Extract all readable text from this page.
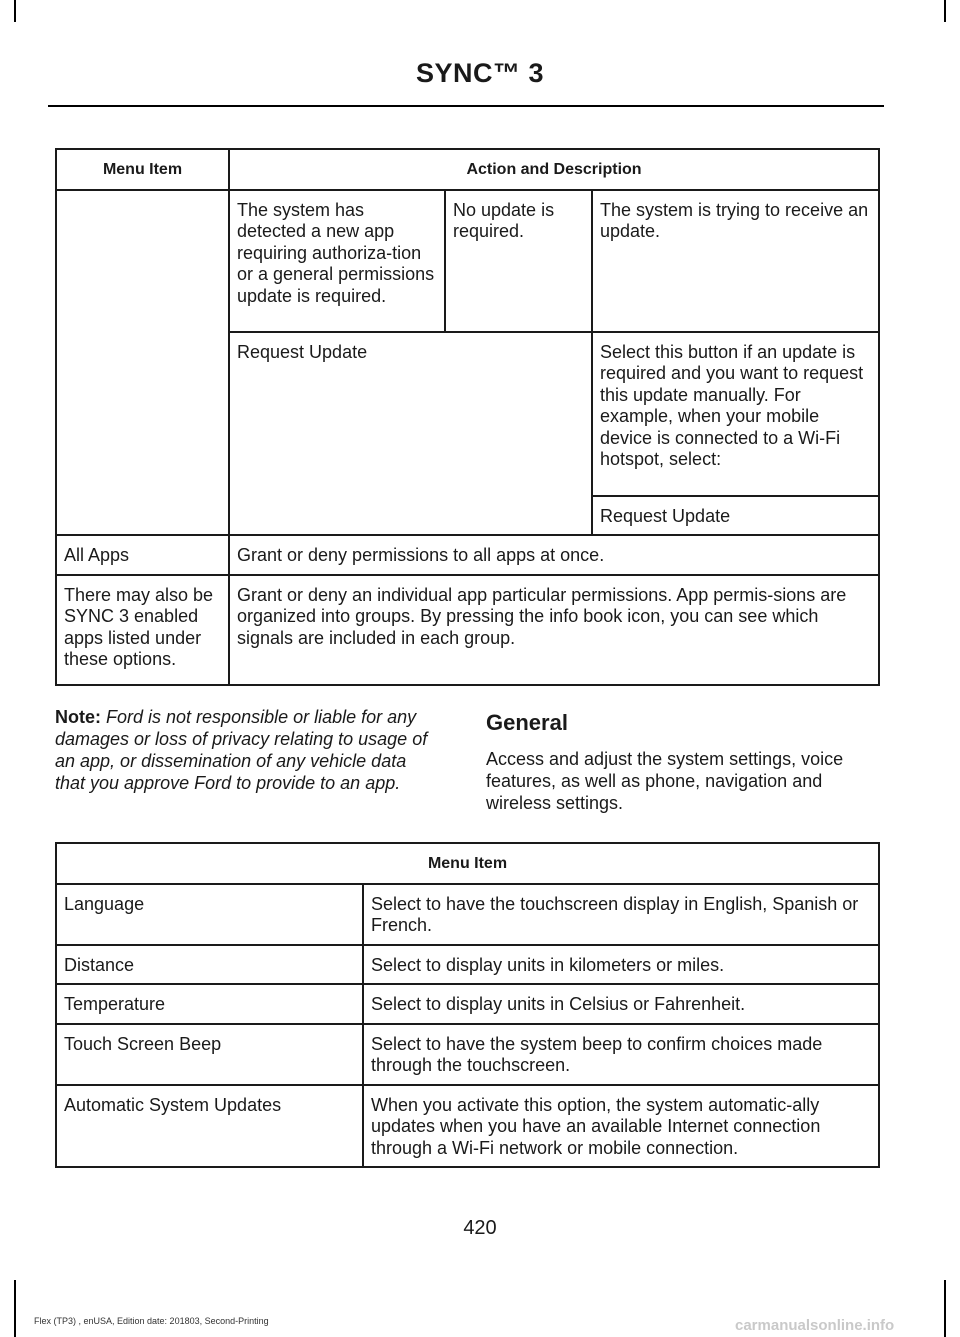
SYNC™ 3
Menu Item	Action and Description		
	The system has detected a new app requiring authoriza-tion or a general permissions update is required.	No update is required.	The system is trying to receive an update.
	Request Update		Select this button if an update is required and you want to request this update manually. For example, when your mobile device is connected to a Wi-Fi hotspot, select:
			Request Update
All Apps	Grant or deny permissions to all apps at once.		
There may also be SYNC 3 enabled apps listed under these options.	Grant or deny an individual app particular permissions. App permis-sions are organized into groups. By pressing the info book icon, you can see which signals are included in each group.		
Note: Ford is not responsible or liable for any damages or loss of privacy relating to usage of an app, or dissemination of any vehicle data that you approve Ford to provide to an app.
General
Access and adjust the system settings, voice features, as well as phone, navigation and wireless settings.
Menu Item	
Language	Select to have the touchscreen display in English, Spanish or French.
Distance	Select to display units in kilometers or miles.
Temperature	Select to display units in Celsius or Fahrenheit.
Touch Screen Beep	Select to have the system beep to confirm choices made through the touchscreen.
Automatic System Updates	When you activate this option, the system automatic-ally updates when you have an available Internet connection through a Wi-Fi network or mobile connection.
420
Flex (TP3) , enUSA, Edition date: 201803, Second-Printing	carmanualsonline.info
